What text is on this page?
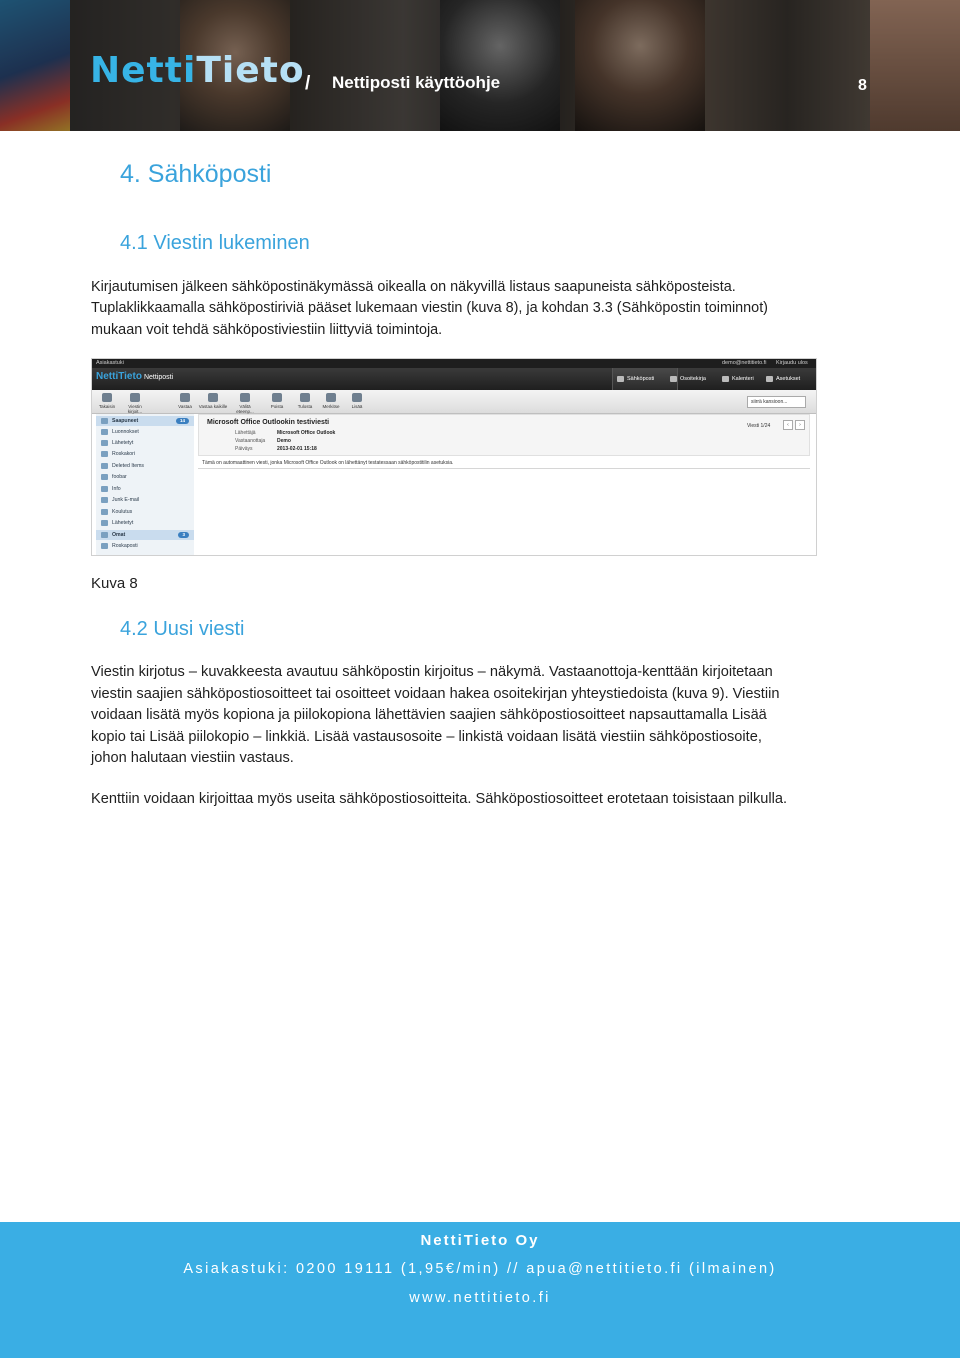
NettiTieto / Nettiposti käyttöohje	8
4. Sähköposti
4.1 Viestin lukeminen
Kirjautumisen jälkeen sähköpostinäkymässä oikealla on näkyvillä listaus saapuneista sähköposteista.
Tuplaklikkaamalla sähköpostiriviä pääset lukemaan viestin (kuva 8), ja kohdan 3.3 (Sähköpostin toiminnot)
mukaan voit tehdä sähköpostiviestiin liittyviä toimintoja.
Asiakastuki	demo@nettitieto.fi Kirjaudu ulos
NettiTieto Nettiposti	Sähköposti	Osoitekirja	Kalenteri	Asetukset
Takaisin	Viestin kirjoit...
Vastaa	Vastaa kaikille	Välitä eteenp...
Poista	Tulosta	Merkitse	Lisää
siirrä kansioon...
Saapuneet	14
Luonnokset
Lähetetyt
Roskakori
Deleted Items
foobar
Info
Junk E-mail
Koulutus
Lähetetyt
Omat	3
Roskaposti
Microsoft Office Outlookin testiviesti
Lähettäjä	Microsoft Office Outlook
Vastaanottaja Demo
Päiväys	2013-02-01 15:18
Viesti 1/24	‹	›
Tämä on automaattinen viesti, jonka Microsoft Office Outlook on lähettänyt testatessaan sähköpostitilin asetuksia.
Kuva 8
4.2 Uusi viesti
Viestin kirjotus – kuvakkeesta avautuu sähköpostin kirjoitus – näkymä. Vastaanottoja-kenttään kirjoitetaan
viestin saajien sähköpostiosoitteet tai osoitteet voidaan hakea osoitekirjan yhteystiedoista (kuva 9). Viestiin
voidaan lisätä myös kopiona ja piilokopiona lähettävien saajien sähköpostiosoitteet napsauttamalla Lisää
kopio tai Lisää piilokopio – linkkiä. Lisää vastausosoite – linkistä voidaan lisätä viestiin sähköpostiosoite,
johon halutaan viestiin vastaus.
Kenttiin voidaan kirjoittaa myös useita sähköpostiosoitteita. Sähköpostiosoitteet erotetaan toisistaan pilkulla.
NettiTieto Oy
Asiakastuki: 0200 19111 (1,95€/min) // apua@nettitieto.fi (ilmainen)
www.nettitieto.fi
